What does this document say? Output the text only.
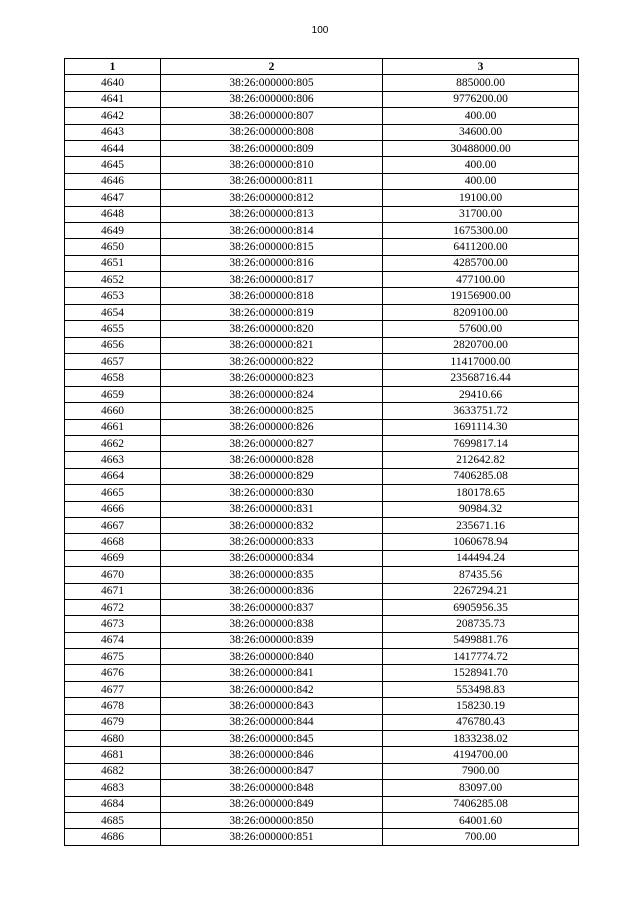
100
1	2	3
4640	38:26:000000:805	885000.00
4641	38:26:000000:806	9776200.00
4642	38:26:000000:807	400.00
4643	38:26:000000:808	34600.00
4644	38:26:000000:809	30488000.00
4645	38:26:000000:810	400.00
4646	38:26:000000:811	400.00
4647	38:26:000000:812	19100.00
4648	38:26:000000:813	31700.00
4649	38:26:000000:814	1675300.00
4650	38:26:000000:815	6411200.00
4651	38:26:000000:816	4285700.00
4652	38:26:000000:817	477100.00
4653	38:26:000000:818	19156900.00
4654	38:26:000000:819	8209100.00
4655	38:26:000000:820	57600.00
4656	38:26:000000:821	2820700.00
4657	38:26:000000:822	11417000.00
4658	38:26:000000:823	23568716.44
4659	38:26:000000:824	29410.66
4660	38:26:000000:825	3633751.72
4661	38:26:000000:826	1691114.30
4662	38:26:000000:827	7699817.14
4663	38:26:000000:828	212642.82
4664	38:26:000000:829	7406285.08
4665	38:26:000000:830	180178.65
4666	38:26:000000:831	90984.32
4667	38:26:000000:832	235671.16
4668	38:26:000000:833	1060678.94
4669	38:26:000000:834	144494.24
4670	38:26:000000:835	87435.56
4671	38:26:000000:836	2267294.21
4672	38:26:000000:837	6905956.35
4673	38:26:000000:838	208735.73
4674	38:26:000000:839	5499881.76
4675	38:26:000000:840	1417774.72
4676	38:26:000000:841	1528941.70
4677	38:26:000000:842	553498.83
4678	38:26:000000:843	158230.19
4679	38:26:000000:844	476780.43
4680	38:26:000000:845	1833238.02
4681	38:26:000000:846	4194700.00
4682	38:26:000000:847	7900.00
4683	38:26:000000:848	83097.00
4684	38:26:000000:849	7406285.08
4685	38:26:000000:850	64001.60
4686	38:26:000000:851	700.00
